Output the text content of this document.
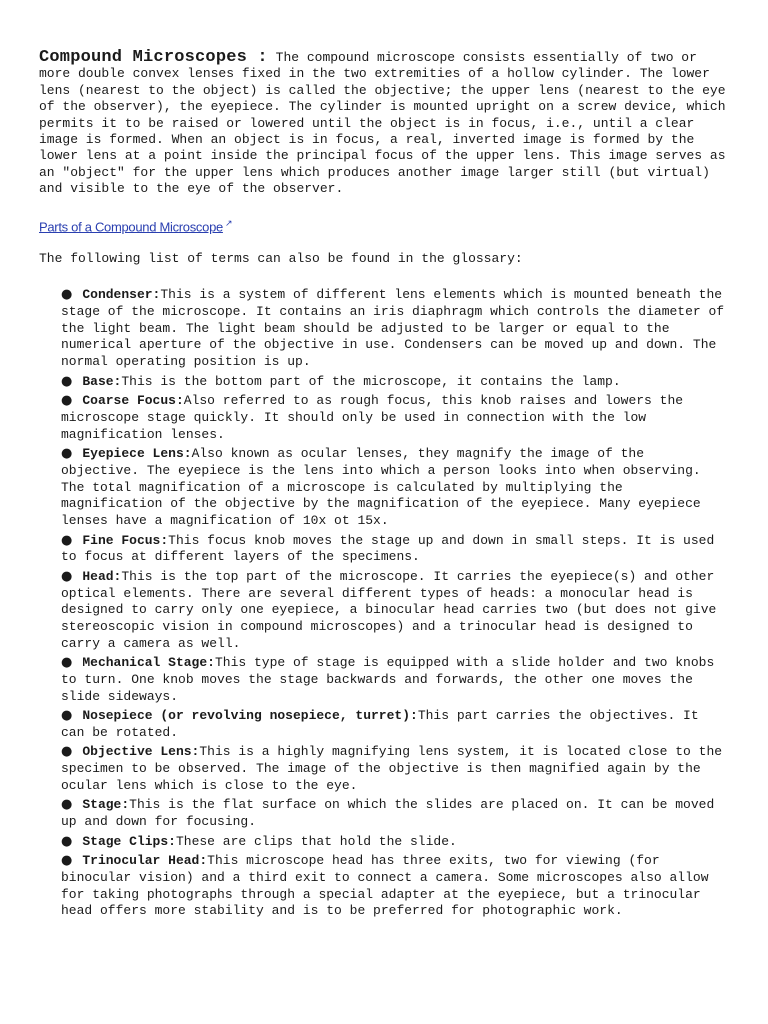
Compound Microscopes : The compound microscope consists essentially of two or more double convex lenses fixed in the two extremities of a hollow cylinder. The lower lens (nearest to the object) is called the objective; the upper lens (nearest to the eye of the observer), the eyepiece. The cylinder is mounted upright on a screw device, which permits it to be raised or lowered until the object is in focus, i.e., until a clear image is formed. When an object is in focus, a real, inverted image is formed by the lower lens at a point inside the principal focus of the upper lens. This image serves as an "object" for the upper lens which produces another image larger still (but virtual) and visible to the eye of the observer.

Parts of a Compound Microscope ↗

The following list of terms can also be found in the glossary:

● Condenser:This is a system of different lens elements which is mounted beneath the stage of the microscope. It contains an iris diaphragm which controls the diameter of the light beam. The light beam should be adjusted to be larger or equal to the numerical aperture of the objective in use. Condensers can be moved up and down. The normal operating position is up.
● Base:This is the bottom part of the microscope, it contains the lamp.
● Coarse Focus:Also referred to as rough focus, this knob raises and lowers the microscope stage quickly. It should only be used in connection with the low magnification lenses.
● Eyepiece Lens:Also known as ocular lenses, they magnify the image of the objective. The eyepiece is the lens into which a person looks into when observing. The total magnification of a microscope is calculated by multiplying the magnification of the objective by the magnification of the eyepiece. Many eyepiece lenses have a magnification of 10x ot 15x.
● Fine Focus:This focus knob moves the stage up and down in small steps. It is used to focus at different layers of the specimens.
● Head:This is the top part of the microscope. It carries the eyepiece(s) and other optical elements. There are several different types of heads: a monocular head is designed to carry only one eyepiece, a binocular head carries two (but does not give stereoscopic vision in compound microscopes) and a trinocular head is designed to carry a camera as well.
● Mechanical Stage:This type of stage is equipped with a slide holder and two knobs to turn. One knob moves the stage backwards and forwards, the other one moves the slide sideways.
● Nosepiece (or revolving nosepiece, turret):This part carries the objectives. It can be rotated.
● Objective Lens:This is a highly magnifying lens system, it is located close to the specimen to be observed. The image of the objective is then magnified again by the ocular lens which is close to the eye.
● Stage:This is the flat surface on which the slides are placed on. It can be moved up and down for focusing.
● Stage Clips:These are clips that hold the slide.
● Trinocular Head:This microscope head has three exits, two for viewing (for binocular vision) and a third exit to connect a camera. Some microscopes also allow for taking photographs through a special adapter at the eyepiece, but a trinocular head offers more stability and is to be preferred for photographic work.
